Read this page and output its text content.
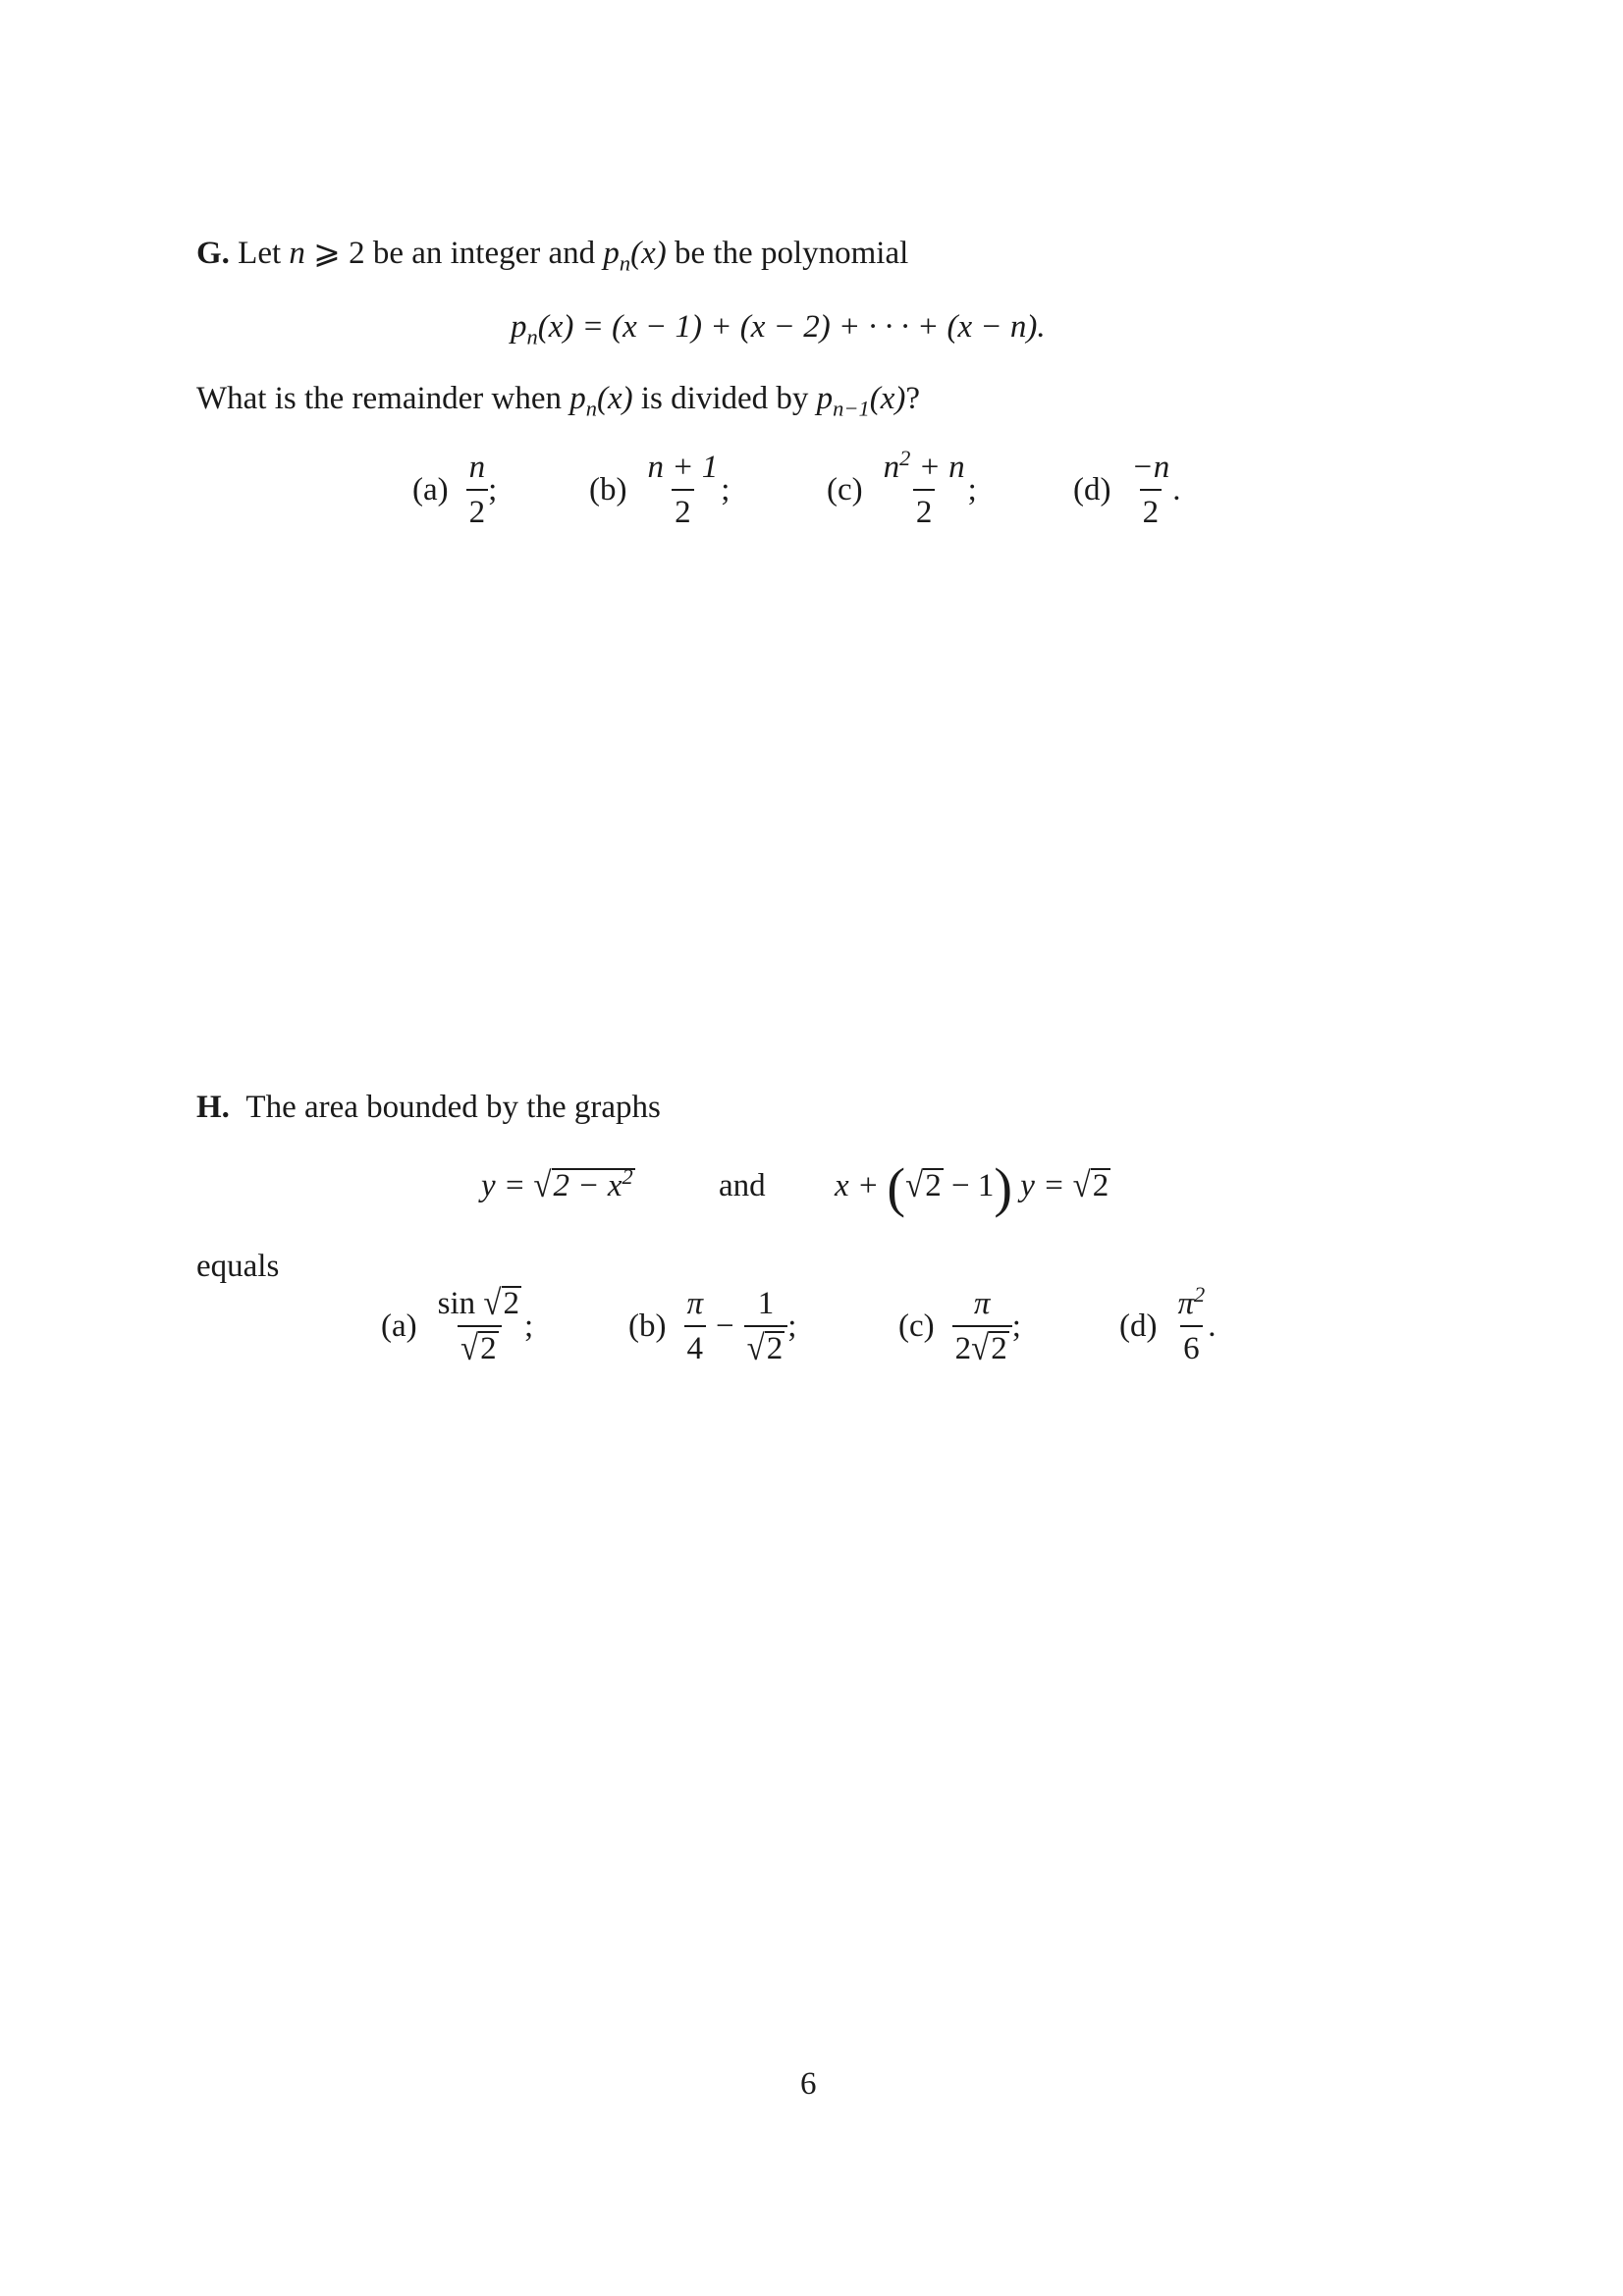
G. Let n ⩾ 2 be an integer and $p_n(x)$ be the polynomial
$p_n(x) = (x - 1) + (x - 2)$ + · · · + (x − n).
What is the remainder when $p_n(x)$ is divided by $p_{n-1}(x)$?
$(a) \frac{n}{2}$ ;	$(b) \frac{n + 1}{2}$ ;	$(c) \frac{n^2 + n}{2}$ ;	$(d) \frac{-n}{2}$ .
H. The area bounded by the graphs
$y = √2 - x^2$	and x + (√2 − 1) y = √2
equals
$(a) \frac{\sin √2}{√2}$ ;	$(b) \frac{\pi}{4} - \frac{1}{√2}$ ;	$(c) \frac{\pi}{2√2}$ ;	$(d) \frac{\pi^2}{6}$ .
6
